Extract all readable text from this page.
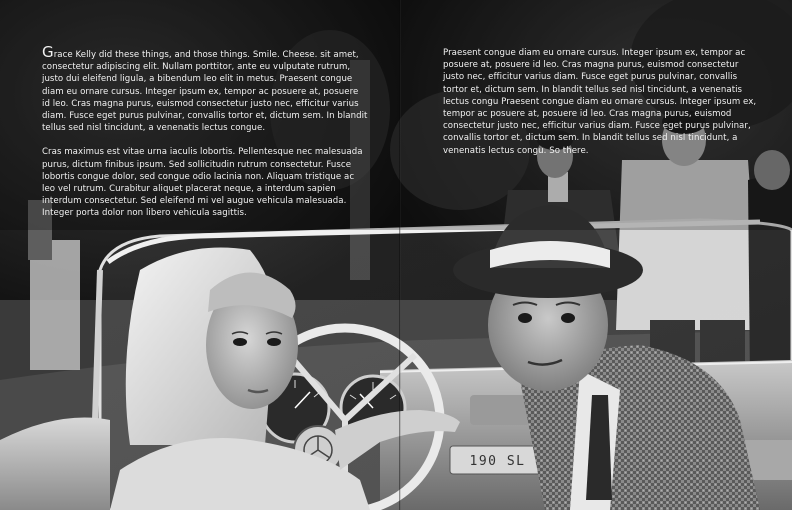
Grace Kelly did these things, and those things. Smile. Cheese. sit amet, consectetur adipiscing elit. Nullam porttitor, ante eu vulputate rutrum, justo dui eleifend ligula, a bibendum leo elit in metus. Praesent congue diam eu ornare cursus. Integer ipsum ex, tempor ac posuere at, posuere id leo. Cras magna purus, euismod consectetur justo nec, efficitur varius diam. Fusce eget purus pulvinar, convallis tortor et, dictum sem. In blandit tellus sed nisl tincidunt, a venenatis lectus congue.

Cras maximus est vitae urna iaculis lobortis. Pellentesque nec malesuada purus, dictum finibus ipsum. Sed sollicitudin rutrum consectetur. Fusce lobortis congue dolor, sed congue odio lacinia non. Aliquam tristique ac leo vel rutrum. Curabitur aliquet placerat neque, a interdum sapien interdum consectetur. Sed eleifend mi vel augue vehicula malesuada. Integer porta dolor non libero vehicula sagittis.

Praesent congue diam eu ornare cursus. Integer ipsum ex, tempor ac posuere at, posuere id leo. Cras magna purus, euismod consectetur justo nec, efficitur varius diam. Fusce eget purus pulvinar, convallis tortor et, dictum sem. In blandit tellus sed nisl tincidunt, a venenatis lectus congu Praesent congue diam eu ornare cursus. Integer ipsum ex, tempor ac posuere at, posuere id leo. Cras magna purus, euismod consectetur justo nec, efficitur varius diam. Fusce eget purus pulvinar, convallis tortor et, dictum sem. In blandit tellus sed nisl tincidunt, a venenatis lectus congu. So there.

190 SL
